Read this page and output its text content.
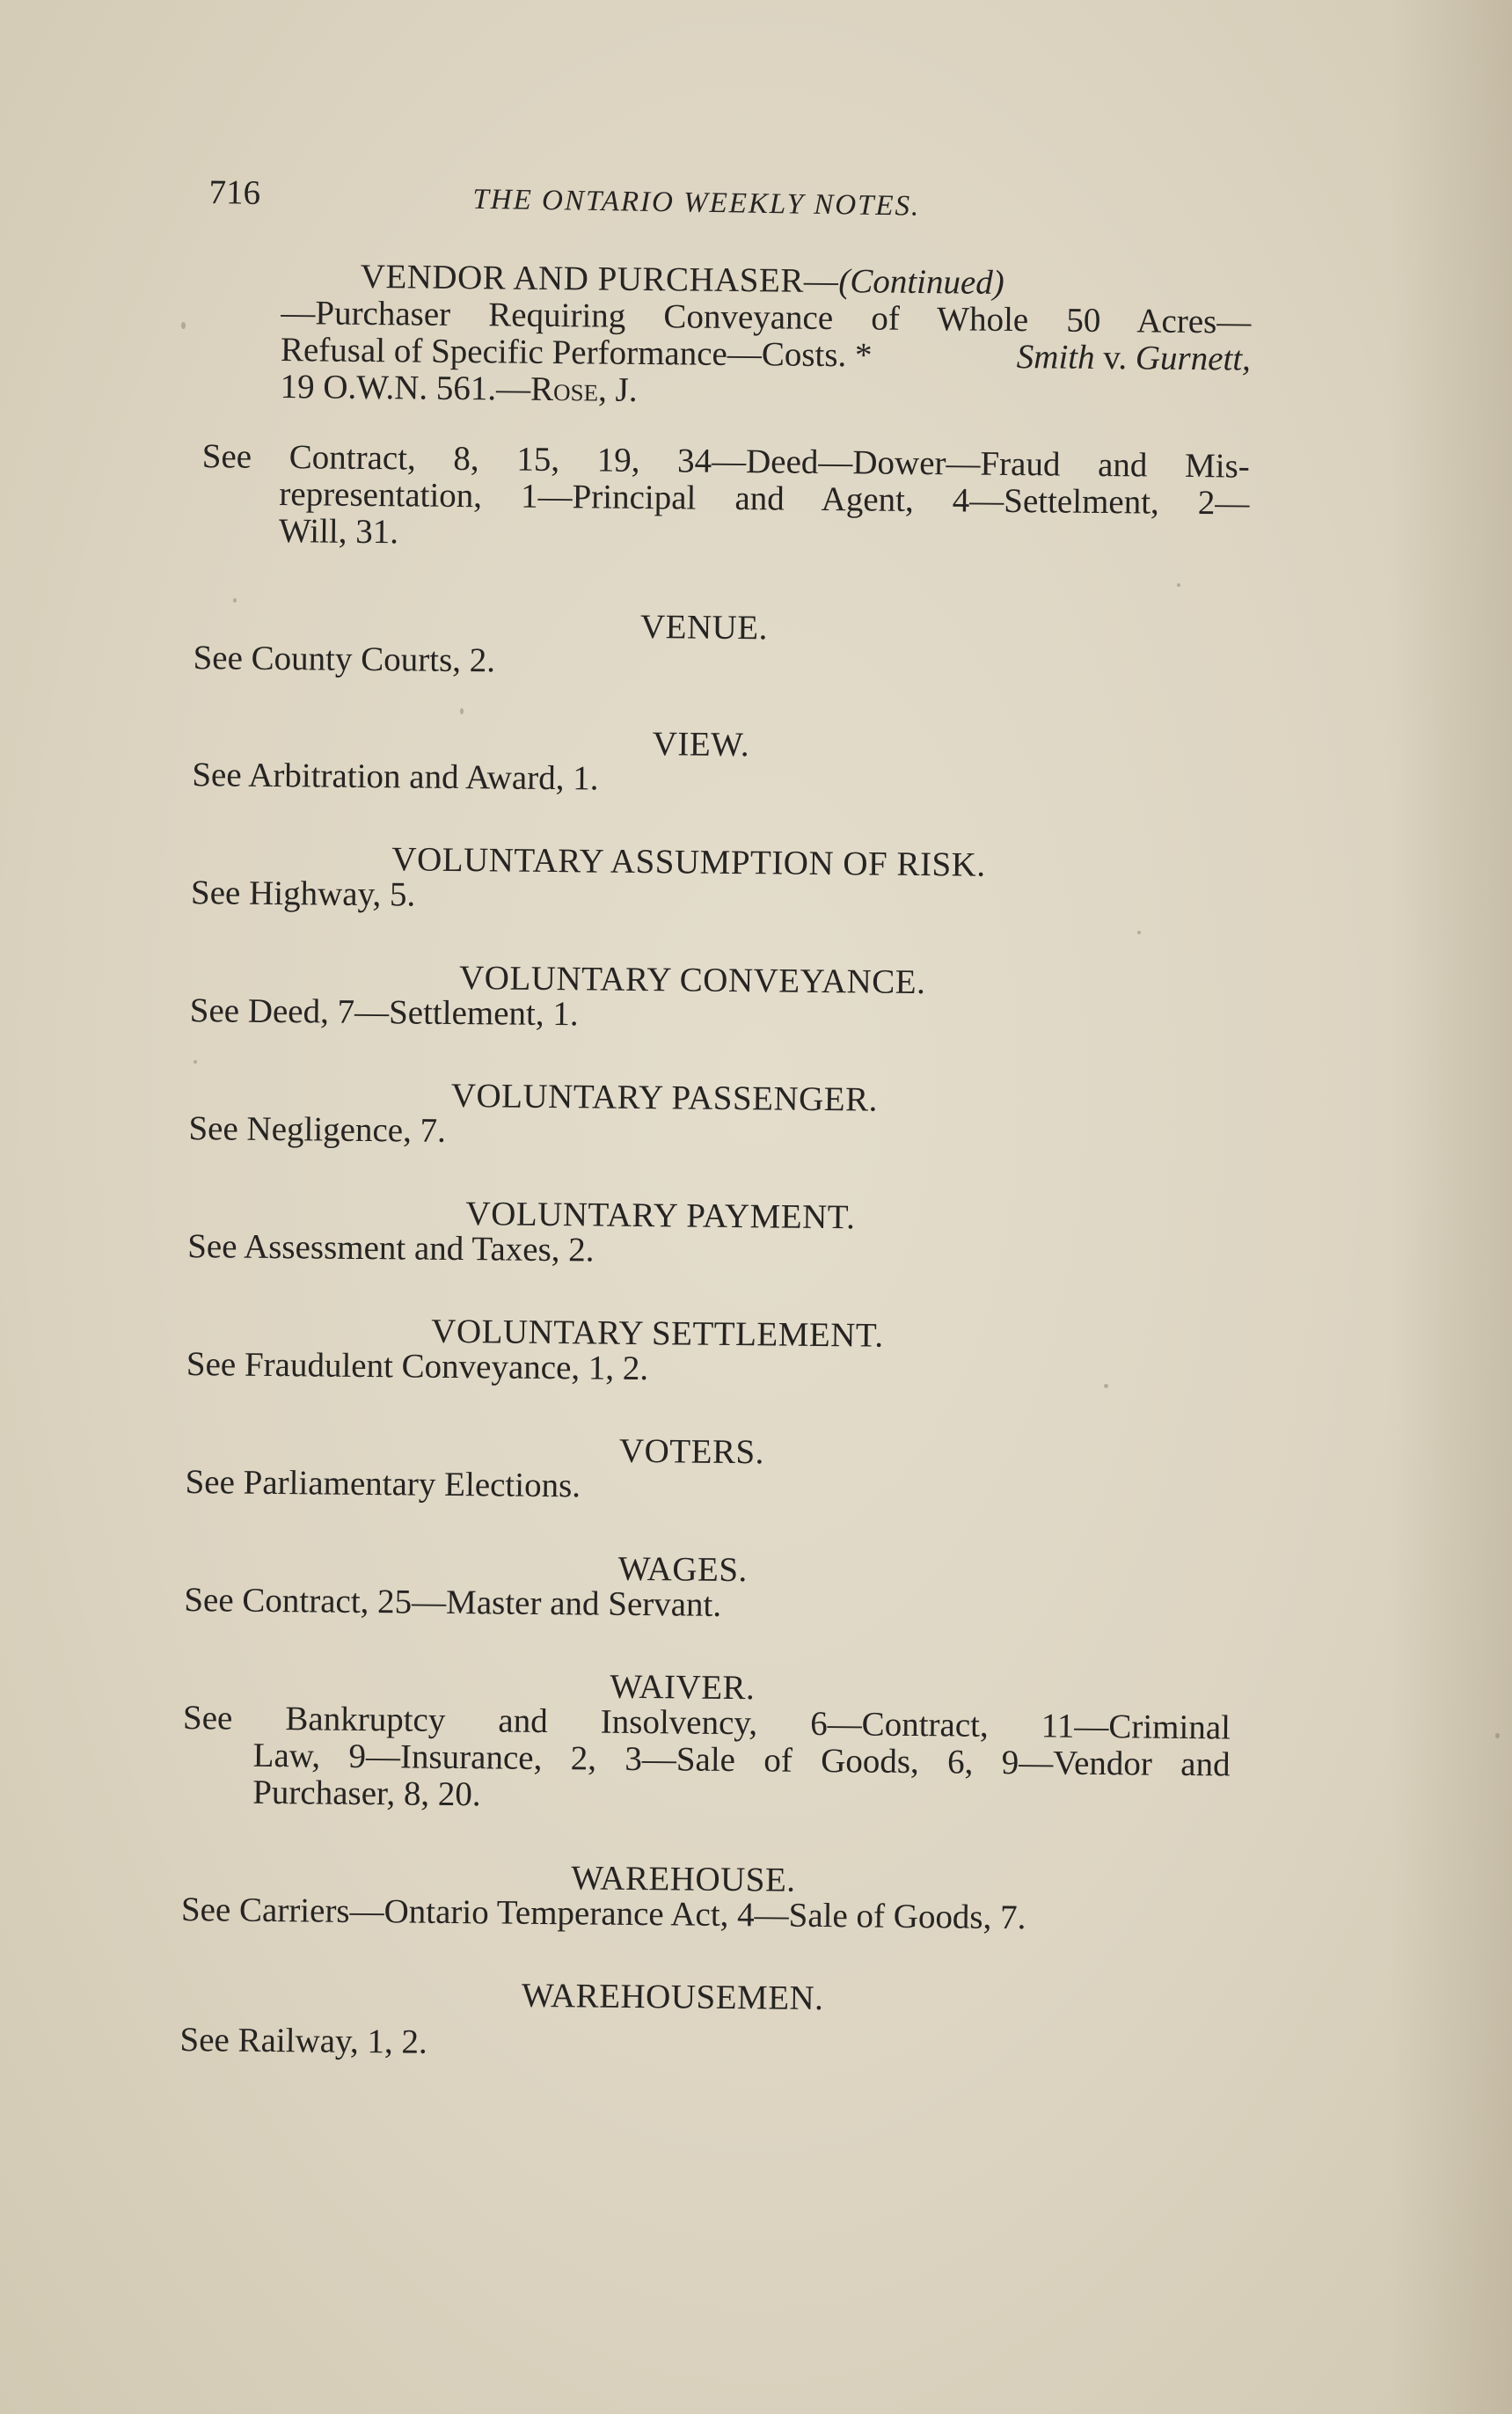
716	THE ONTARIO WEEKLY NOTES.
VENDOR AND PURCHASER—(Continued)
—Purchaser Requiring Conveyance of Whole 50 Acres—
Refusal of Specific Performance—Costs. *	Smith v. Gurnett,
19 O.W.N. 561.—Rose, J.
See Contract, 8, 15, 19, 34—Deed—Dower—Fraud and Mis-
representation, 1—Principal and Agent, 4—Settelment, 2—
Will, 31.
VENUE.
See County Courts, 2.
VIEW.
See Arbitration and Award, 1.
VOLUNTARY ASSUMPTION OF RISK.
See Highway, 5.
VOLUNTARY CONVEYANCE.
See Deed, 7—Settlement, 1.
VOLUNTARY PASSENGER.
See Negligence, 7.
VOLUNTARY PAYMENT.
See Assessment and Taxes, 2.
VOLUNTARY SETTLEMENT.
See Fraudulent Conveyance, 1, 2.
VOTERS.
See Parliamentary Elections.
WAGES.
See Contract, 25—Master and Servant.
WAIVER.
See Bankruptcy and Insolvency, 6—Contract, 11—Criminal
Law, 9—Insurance, 2, 3—Sale of Goods, 6, 9—Vendor and
Purchaser, 8, 20.
WAREHOUSE.
See Carriers—Ontario Temperance Act, 4—Sale of Goods, 7.
WAREHOUSEMEN.
See Railway, 1, 2.
